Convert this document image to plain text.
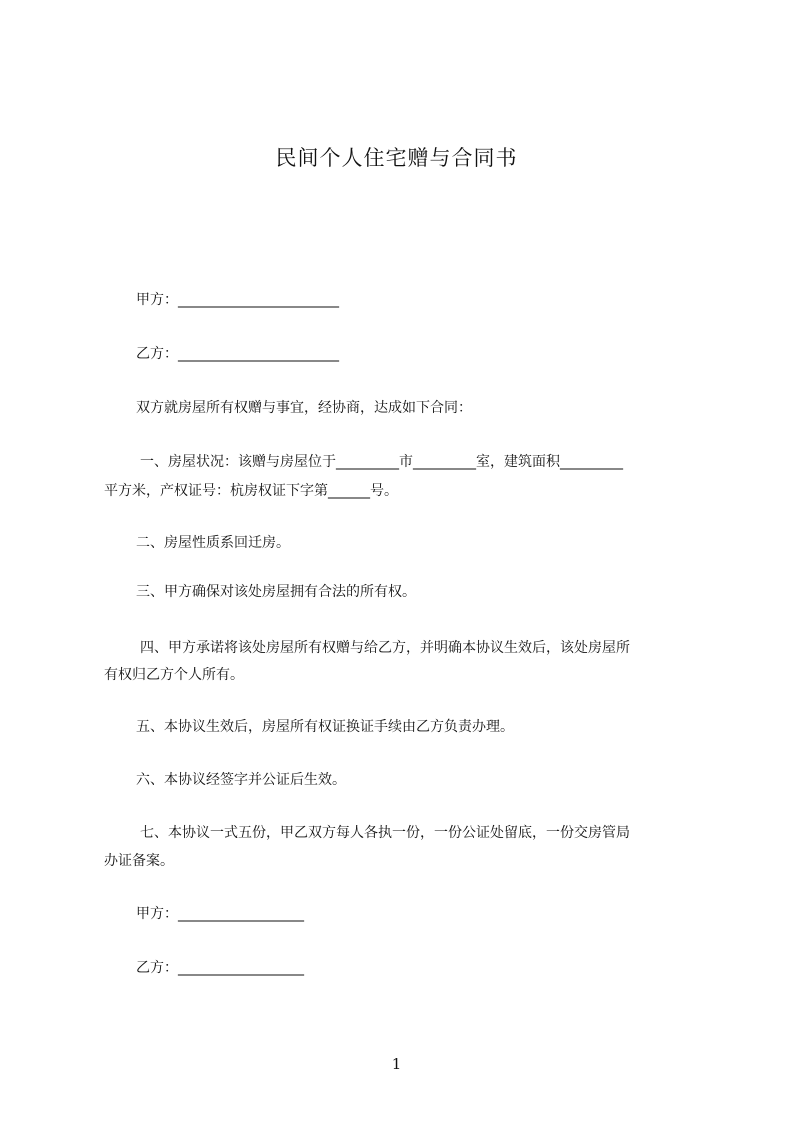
民间个人住宅赠与合同书
甲方：_______________________
乙方：_______________________
双方就房屋所有权赠与事宜，经协商，达成如下合同：
一、房屋状况：该赠与房屋位于_________市_________室，建筑面积_________
平方米，产权证号：杭房权证下字第______号。
二、房屋性质系回迁房。
三、甲方确保对该处房屋拥有合法的所有权。
四、甲方承诺将该处房屋所有权赠与给乙方，并明确本协议生效后，该处房屋所
有权归乙方个人所有。
五、本协议生效后，房屋所有权证换证手续由乙方负责办理。
六、本协议经签字并公证后生效。
七、本协议一式五份，甲乙双方每人各执一份，一份公证处留底，一份交房管局
办证备案。
甲方：__________________
乙方：__________________
1
